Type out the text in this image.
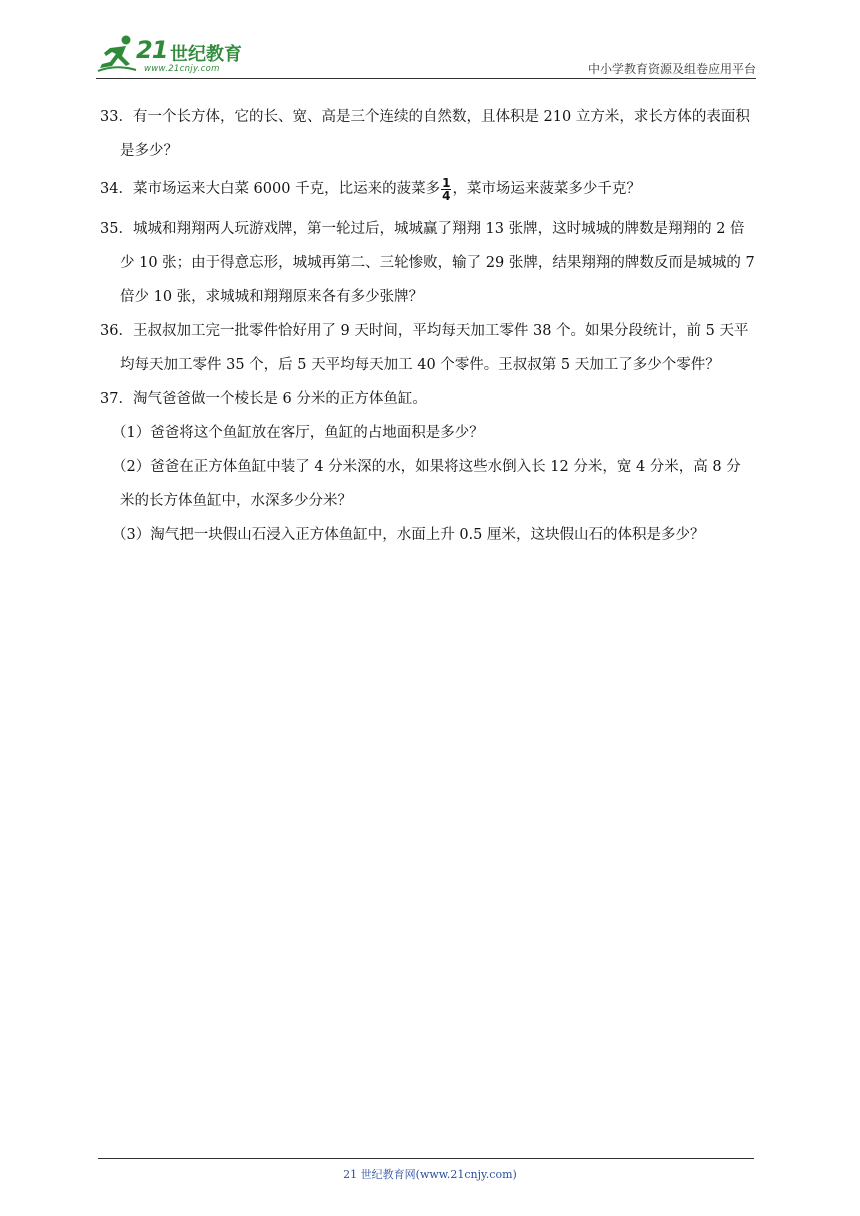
21 世纪教育
www.21cnjy.com	中小学教育资源及组卷应用平台
33．有一个长方体，它的长、宽、高是三个连续的自然数，且体积是 210 立方米，求长方体的表面积
是多少？
34．菜市场运来大白菜 6000 千克，比运来的菠菜多 $\frac{1}{4}$ ，菜市场运来菠菜多少千克？
35．城城和翔翔两人玩游戏牌，第一轮过后，城城赢了翔翔 13 张牌，这时城城的牌数是翔翔的 2 倍
少 10 张；由于得意忘形，城城再第二、三轮惨败，输了 29 张牌，结果翔翔的牌数反而是城城的 7
倍少 10 张，求城城和翔翔原来各有多少张牌？
36．王叔叔加工完一批零件恰好用了 9 天时间，平均每天加工零件 38 个。如果分段统计，前 5 天平
均每天加工零件 35 个，后 5 天平均每天加工 40 个零件。王叔叔第 5 天加工了多少个零件？
37．淘气爸爸做一个棱长是 6 分米的正方体鱼缸。
（1）爸爸将这个鱼缸放在客厅，鱼缸的占地面积是多少？
（2）爸爸在正方体鱼缸中装了 4 分米深的水，如果将这些水倒入长 12 分米，宽 4 分米，高 8 分
米的长方体鱼缸中，水深多少分米？
（3）淘气把一块假山石浸入正方体鱼缸中，水面上升 0.5 厘米，这块假山石的体积是多少？
21 世纪教育网(www.21cnjy.com)
